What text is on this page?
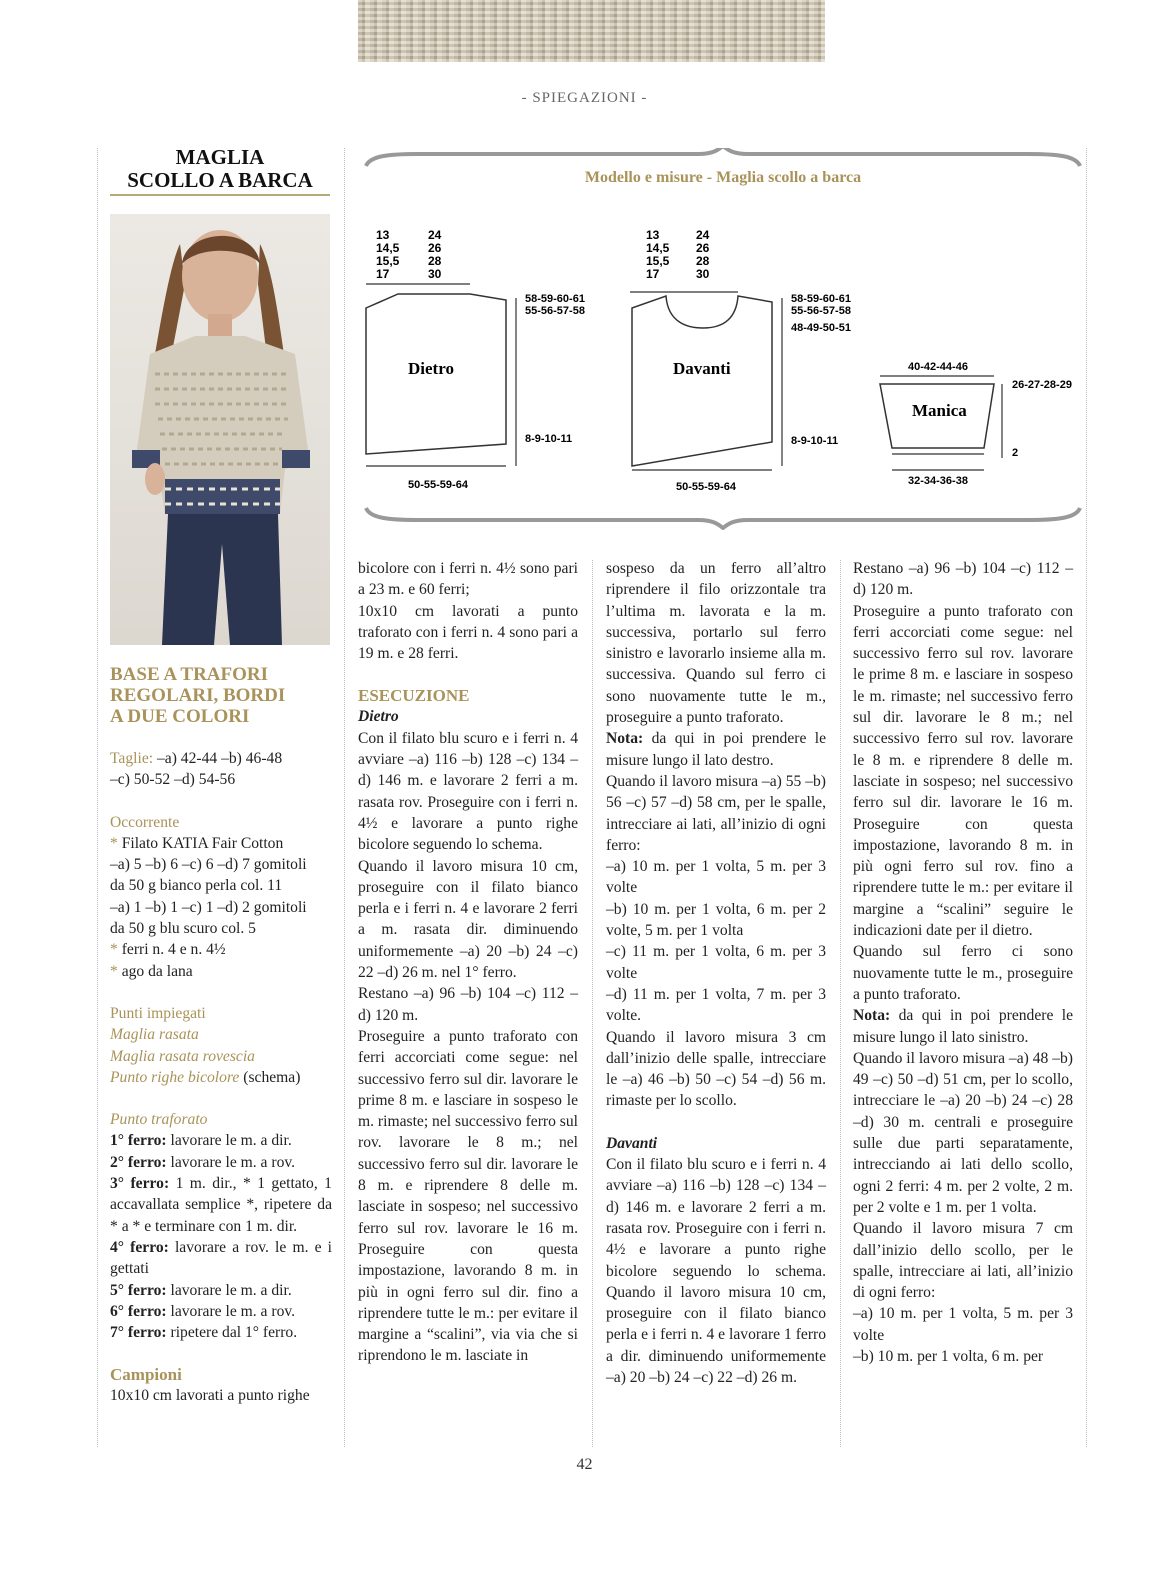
- SPIEGAZIONI -
MAGLIA
SCOLLO A BARCA	Modello e misure - Maglia scollo a barca
13
14,5
15,5
17
24
26
28
30
Dietro
58-59-60-61
55-56-57-58
8-9-10-11
50-55-59-64
13
14,5
15,5
17
24
26
28
30
Davanti
58-59-60-61
55-56-57-58
48-49-50-51
8-9-10-11
50-55-59-64
40-42-44-46
Manica
26-27-28-29
2
32-34-36-38
BASE A TRAFORI
REGOLARI, BORDI
A DUE COLORI

Taglie: –a) 42-44 –b) 46-48

–c) 50-52 –d) 54-56

Occorrente

* Filato KATIA Fair Cotton

–a) 5 –b) 6 –c) 6 –d) 7 gomitoli

da 50 g bianco perla col. 11

–a) 1 –b) 1 –c) 1 –d) 2 gomitoli

da 50 g blu scuro col. 5

* ferri n. 4 e n. 4½

* ago da lana

Punti impiegati

Maglia rasata

Maglia rasata rovescia

Punto righe bicolore (schema)

Punto traforato

1° ferro: lavorare le m. a dir.

2° ferro: lavorare le m. a rov.

3° ferro: 1 m. dir., * 1 gettato, 1 accavallata semplice *, ripetere da * a * e terminare con 1 m. dir.

4° ferro: lavorare a rov. le m. e i gettati

5° ferro: lavorare le m. a dir.

6° ferro: lavorare le m. a rov.

7° ferro: ripetere dal 1° ferro.

Campioni

10x10 cm lavorati a punto righe

bicolore con i ferri n. 4½ sono pari a 23 m. e 60 ferri;

10x10 cm lavorati a punto traforato con i ferri n. 4 sono pari a 19 m. e 28 ferri.

ESECUZIONE

Dietro

Con il filato blu scuro e i ferri n. 4 avviare –a) 116 –b) 128 –c) 134 –d) 146 m. e lavorare 2 ferri a m. rasata rov. Proseguire con i ferri n. 4½ e lavorare a punto righe bicolore seguendo lo schema.

Quando il lavoro misura 10 cm, proseguire con il filato bianco perla e i ferri n. 4 e lavorare 2 ferri a m. rasata dir. diminuendo uniformemente –a) 20 –b) 24 –c) 22 –d) 26 m. nel 1° ferro.

Restano –a) 96 –b) 104 –c) 112 –d) 120 m.

Proseguire a punto traforato con ferri accorciati come segue: nel successivo ferro sul dir. lavorare le prime 8 m. e lasciare in sospeso le m. rimaste; nel successivo ferro sul rov. lavorare le 8 m.; nel successivo ferro sul dir. lavorare le 8 m. e riprendere 8 delle m. lasciate in sospeso; nel successivo ferro sul rov. lavorare le 16 m. Proseguire con questa impostazione, lavorando 8 m. in più in ogni ferro sul dir. fino a riprendere tutte le m.: per evitare il margine a “scalini”, via via che si riprendono le m. lasciate in

sospeso da un ferro all’altro riprendere il filo orizzontale tra l’ultima m. lavorata e la m. successiva, portarlo sul ferro sinistro e lavorarlo insieme alla m. successiva. Quando sul ferro ci sono nuovamente tutte le m., proseguire a punto traforato.

Nota: da qui in poi prendere le misure lungo il lato destro.

Quando il lavoro misura –a) 55 –b) 56 –c) 57 –d) 58 cm, per le spalle, intrecciare ai lati, all’inizio di ogni ferro:

–a) 10 m. per 1 volta, 5 m. per 3 volte

–b) 10 m. per 1 volta, 6 m. per 2 volte, 5 m. per 1 volta

–c) 11 m. per 1 volta, 6 m. per 3 volte

–d) 11 m. per 1 volta, 7 m. per 3 volte.

Quando il lavoro misura 3 cm dall’inizio delle spalle, intrecciare le –a) 46 –b) 50 –c) 54 –d) 56 m. rimaste per lo scollo.

Davanti

Con il filato blu scuro e i ferri n. 4 avviare –a) 116 –b) 128 –c) 134 –d) 146 m. e lavorare 2 ferri a m. rasata rov. Proseguire con i ferri n. 4½ e lavorare a punto righe bicolore seguendo lo schema. Quando il lavoro misura 10 cm, proseguire con il filato bianco perla e i ferri n. 4 e lavorare 1 ferro a dir. diminuendo uniformemente –a) 20 –b) 24 –c) 22 –d) 26 m.

Restano –a) 96 –b) 104 –c) 112 –d) 120 m.

Proseguire a punto traforato con ferri accorciati come segue: nel successivo ferro sul rov. lavorare le prime 8 m. e lasciare in sospeso le m. rimaste; nel successivo ferro sul dir. lavorare le 8 m.; nel successivo ferro sul rov. lavorare le 8 m. e riprendere 8 delle m. lasciate in sospeso; nel successivo ferro sul dir. lavorare le 16 m. Proseguire con questa impostazione, lavorando 8 m. in più ogni ferro sul rov. fino a riprendere tutte le m.: per evitare il margine a “scalini” seguire le indicazioni date per il dietro.

Quando sul ferro ci sono nuovamente tutte le m., proseguire a punto traforato.

Nota: da qui in poi prendere le misure lungo il lato sinistro.

Quando il lavoro misura –a) 48 –b) 49 –c) 50 –d) 51 cm, per lo scollo, intrecciare le –a) 20 –b) 24 –c) 28 –d) 30 m. centrali e proseguire sulle due parti separatamente, intrecciando ai lati dello scollo, ogni 2 ferri: 4 m. per 2 volte, 2 m. per 2 volte e 1 m. per 1 volta.

Quando il lavoro misura 7 cm dall’inizio dello scollo, per le spalle, intrecciare ai lati, all’inizio di ogni ferro:

–a) 10 m. per 1 volta, 5 m. per 3 volte

–b) 10 m. per 1 volta, 6 m. per

42
